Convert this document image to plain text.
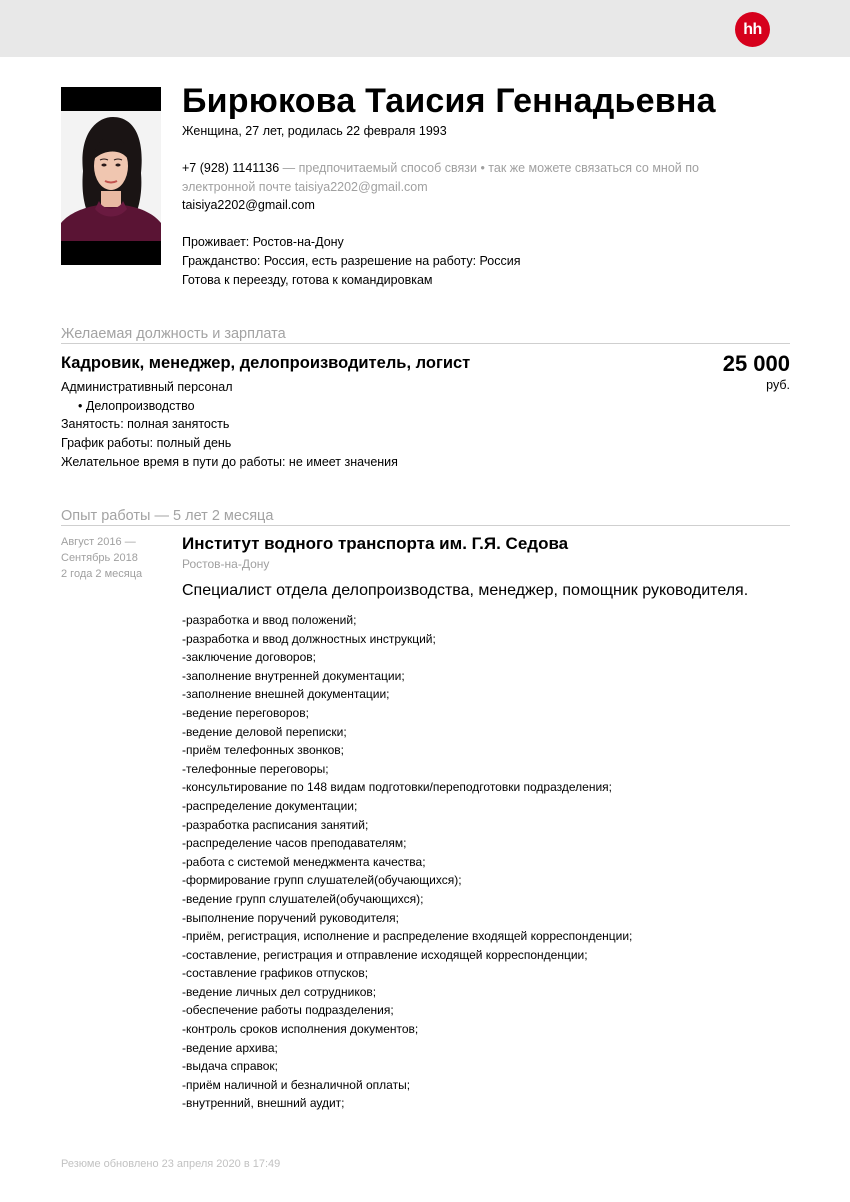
hh
Бирюкова Таисия Геннадьевна
Женщина, 27 лет, родилась 22 февраля 1993
+7 (928) 1141136 — предпочитаемый способ связи • так же можете связаться со мной по
электронной почте taisiya2202@gmail.com
taisiya2202@gmail.com
Проживает: Ростов-на-Дону
Гражданство: Россия, есть разрешение на работу: Россия
Готова к переезду, готова к командировкам
Желаемая должность и зарплата
Кадровик, менеджер, делопроизводитель, логист	25 000
руб.
Административный персонал
• Делопроизводство
Занятость: полная занятость
График работы: полный день
Желательное время в пути до работы: не имеет значения
Опыт работы — 5 лет 2 месяца
Август 2016 —
Сентябрь 2018
2 года 2 месяца
Институт водного транспорта им. Г.Я. Седова
Ростов-на-Дону
Специалист отдела делопроизводства, менеджер, помощник руководителя.
-разработка и ввод положений;
-разработка и ввод должностных инструкций;
-заключение договоров;
-заполнение внутренней документации;
-заполнение внешней документации;
-ведение переговоров;
-ведение деловой переписки;
-приём телефонных звонков;
-телефонные переговоры;
-консультирование по 148 видам подготовки/переподготовки подразделения;
-распределение документации;
-разработка расписания занятий;
-распределение часов преподавателям;
-работа с системой менеджмента качества;
-формирование групп слушателей(обучающихся);
-ведение групп слушателей(обучающихся);
-выполнение поручений руководителя;
-приём, регистрация, исполнение и распределение входящей корреспонденции;
-составление, регистрация и отправление исходящей корреспонденции;
-составление графиков отпусков;
-ведение личных дел сотрудников;
-обеспечение работы подразделения;
-контроль сроков исполнения документов;
-ведение архива;
-выдача справок;
-приём наличной и безналичной оплаты;
-внутренний, внешний аудит;
Резюме обновлено 23 апреля 2020 в 17:49
